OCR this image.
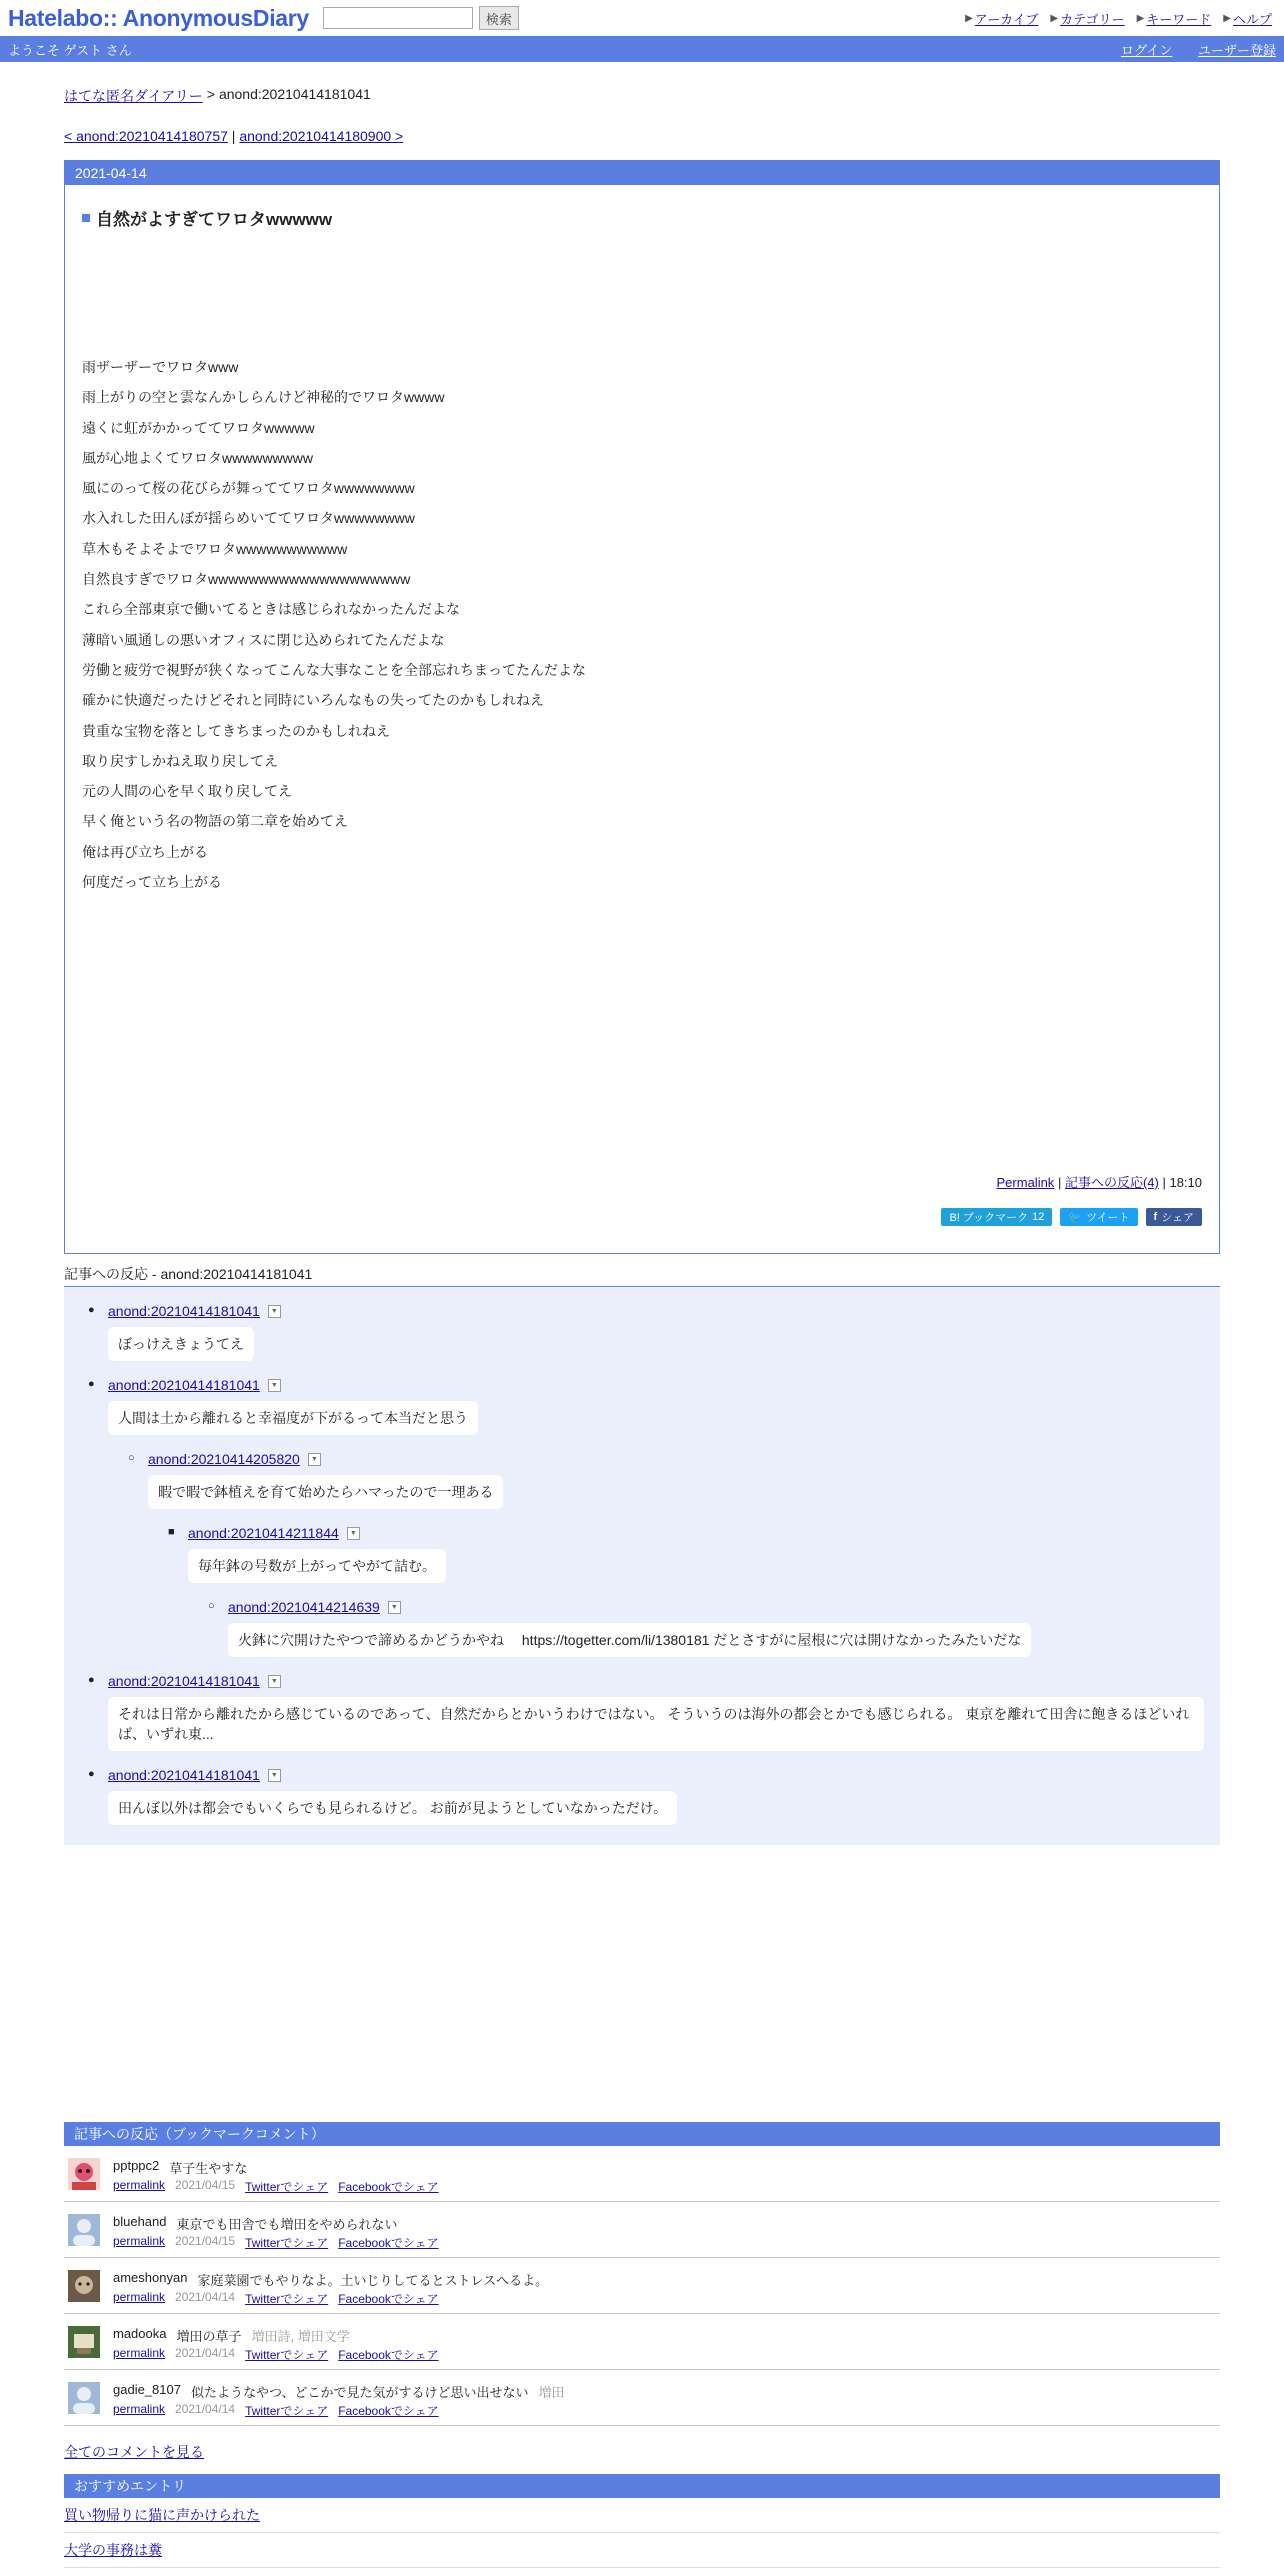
Hatelabo:: AnonymousDiary	検索	▶ アーカイブ ▶ カテゴリー ▶ キーワード ▶ ヘルプ
ようこそ ゲスト さん	ログイン ユーザー登録
はてな匿名ダイアリー > anond:20210414181041
< anond:20210414180757 | anond:20210414180900 >
2021-04-14
自然がよすぎてワロタwwwww
雨ザーザーでワロタwww
雨上がりの空と雲なんかしらんけど神秘的でワロタwwww
遠くに虹がかかっててワロタwwwww
風が心地よくてワロタwwwwwwwww
風にのって桜の花びらが舞っててワロタwwwwwwww
水入れした田んぼが揺らめいててワロタwwwwwwww
草木もそよそよでワロタwwwwwwwwwww
自然良すぎでワロタwwwwwwwwwwwwwwwwwwww
これら全部東京で働いてるときは感じられなかったんだよな
薄暗い風通しの悪いオフィスに閉じ込められてたんだよな
労働と疲労で視野が狭くなってこんな大事なことを全部忘れちまってたんだよな
確かに快適だったけどそれと同時にいろんなもの失ってたのかもしれねえ
貴重な宝物を落としてきちまったのかもしれねえ
取り戻すしかねえ取り戻してえ
元の人間の心を早く取り戻してえ
早く俺という名の物語の第二章を始めてえ
俺は再び立ち上がる
何度だって立ち上がる
Permalink | 記事への反応(4) | 18:10
B! ブックマーク 12 🐦 ツイート f シェア
記事への反応 - anond:20210414181041
● anond:20210414181041	▼
ぼっけえきょうてえ
● anond:20210414181041	▼
人間は土から離れると幸福度が下がるって本当だと思う
○ anond:20210414205820	▼
暇で暇で鉢植えを育て始めたらハマったので一理ある
■ anond:20210414211844	▼
毎年鉢の号数が上がってやがて詰む。
○ anond:20210414214639	▼
火鉢に穴開けたやつで諦めるかどうかやね　 https://togetter.com/li/1380181 だとさすがに屋根に穴は開けなかったみたいだな
● anond:20210414181041	▼
それは日常から離れたから感じているのであって、自然だからとかいうわけではない。 そういうのは海外の都会とかでも感じられる。 東京を離れて田舎に飽きるほどいれば、いずれ東...
● anond:20210414181041	▼
田んぼ以外は都会でもいくらでも見られるけど。 お前が見ようとしていなかっただけ。
記事への反応（ブックマークコメント）
pptppc2 草子生やすな
permalink 2021/04/15 Twitterでシェア Facebookでシェア
bluehand 東京でも田舎でも増田をやめられない
permalink 2021/04/15 Twitterでシェア Facebookでシェア
ameshonyan 家庭菜園でもやりなよ。土いじりしてるとストレスへるよ。
permalink 2021/04/14 Twitterでシェア Facebookでシェア
madooka 増田の草子 増田詩, 増田文学
permalink 2021/04/14 Twitterでシェア Facebookでシェア
gadie_8107 似たようなやつ、どこかで見た気がするけど思い出せない 増田
permalink 2021/04/14 Twitterでシェア Facebookでシェア
全てのコメントを見る
おすすめエントリ
買い物帰りに猫に声かけられた
大学の事務は糞
